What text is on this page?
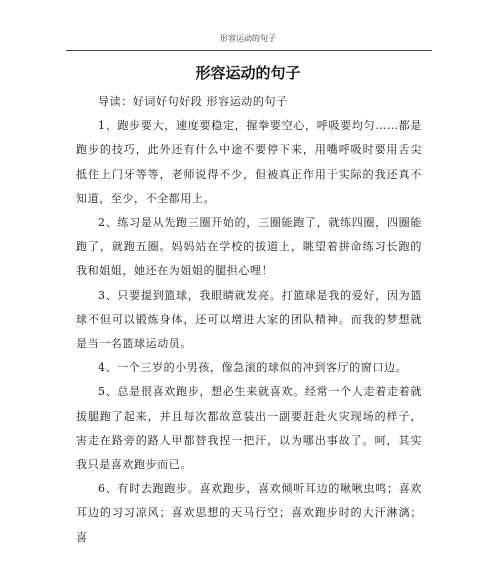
形容运动的句子
形容运动的句子

导读：好词好句好段 形容运动的句子

1、跑步要大，速度要稳定，握拳要空心，呼吸要均匀……都是跑步的技巧，此外还有什么中途不要停下来，用嘴呼吸时要用舌尖抵住上门牙等等，老师说得不少，但被真正作用于实际的我还真不知道，至少，不全都用上。

2、练习是从先跑三圈开始的，三圈能跑了，就练四圈，四圈能跑了，就跑五圈。妈妈站在学校的拔道上，眺望着拼命练习长跑的我和姐姐，她还在为姐姐的腿担心哩！

3、只要提到篮球，我眼睛就发亮。打篮球是我的爱好，因为篮球不但可以锻炼身体，还可以增进大家的团队精神。而我的梦想就是当一名篮球运动员。

4、一个三岁的小男孩，像急滚的球似的冲到客厅的窗口边。

5、总是很喜欢跑步，想必生来就喜欢。经常一个人走着走着就拔腿跑了起来，并且每次都故意装出一副要赶赴火灾现场的样子，害走在路旁的路人甲都替我捏一把汗，以为哪出事故了。呵，其实我只是喜欢跑步而已。

6、有时去跑跑步。喜欢跑步，喜欢倾听耳边的啾啾虫鸣；喜欢耳边的习习凉风；喜欢思想的天马行空；喜欢跑步时的大汗淋漓；喜
